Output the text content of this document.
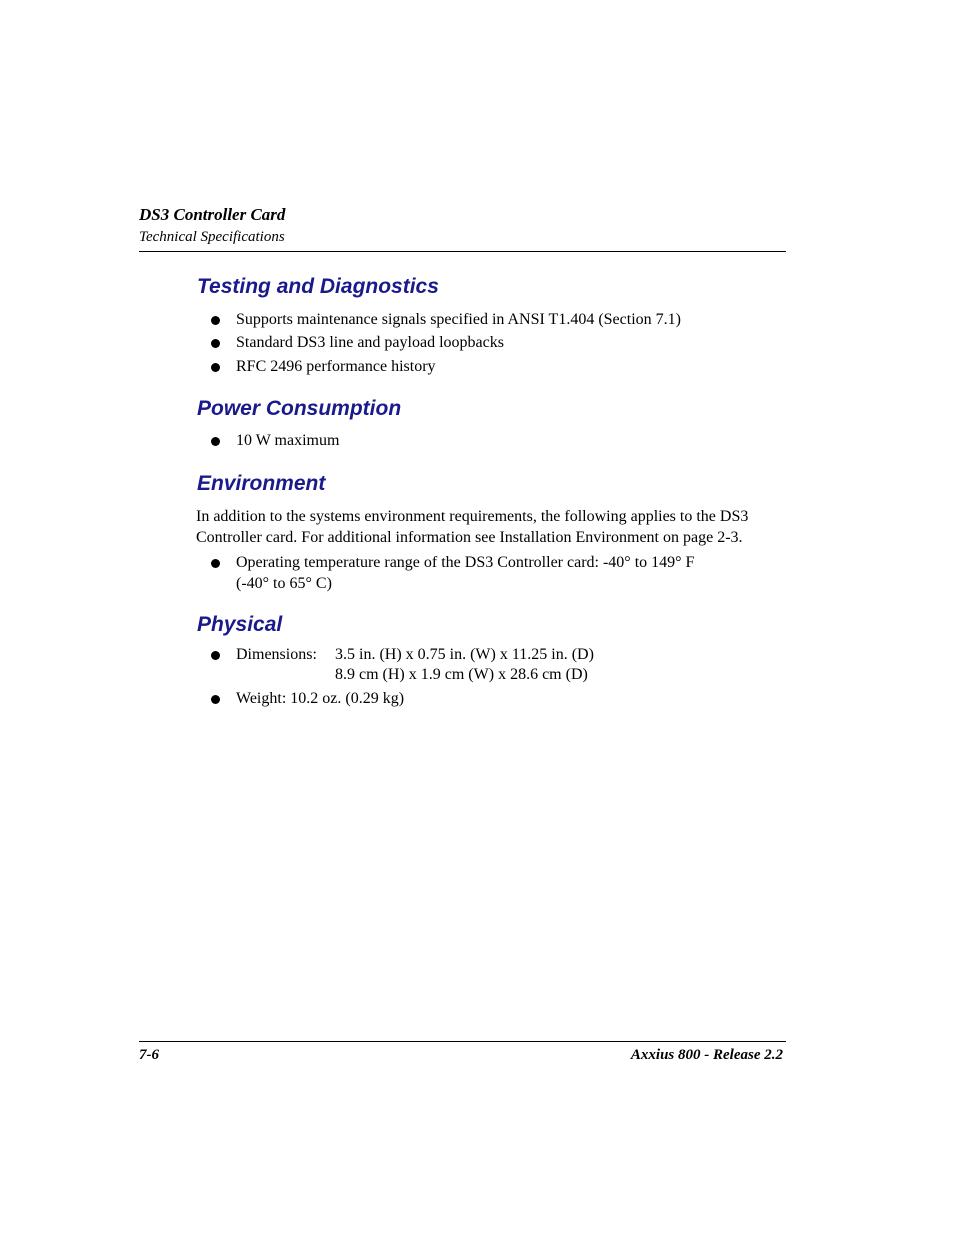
DS3 Controller Card
Technical Specifications
Testing and Diagnostics
Supports maintenance signals specified in ANSI T1.404 (Section 7.1)
Standard DS3 line and payload loopbacks
RFC 2496 performance history
Power Consumption
10 W maximum
Environment
In addition to the systems environment requirements, the following applies to the DS3
Controller card. For additional information see Installation Environment on page 2-3.
Operating temperature range of the DS3 Controller card: -40° to 149° F
(-40° to 65° C)
Physical
Dimensions: 3.5 in. (H) x 0.75 in. (W) x 11.25 in. (D)
8.9 cm (H) x 1.9 cm (W) x 28.6 cm (D)
Weight: 10.2 oz. (0.29 kg)
7-6	Axxius 800 - Release 2.2
